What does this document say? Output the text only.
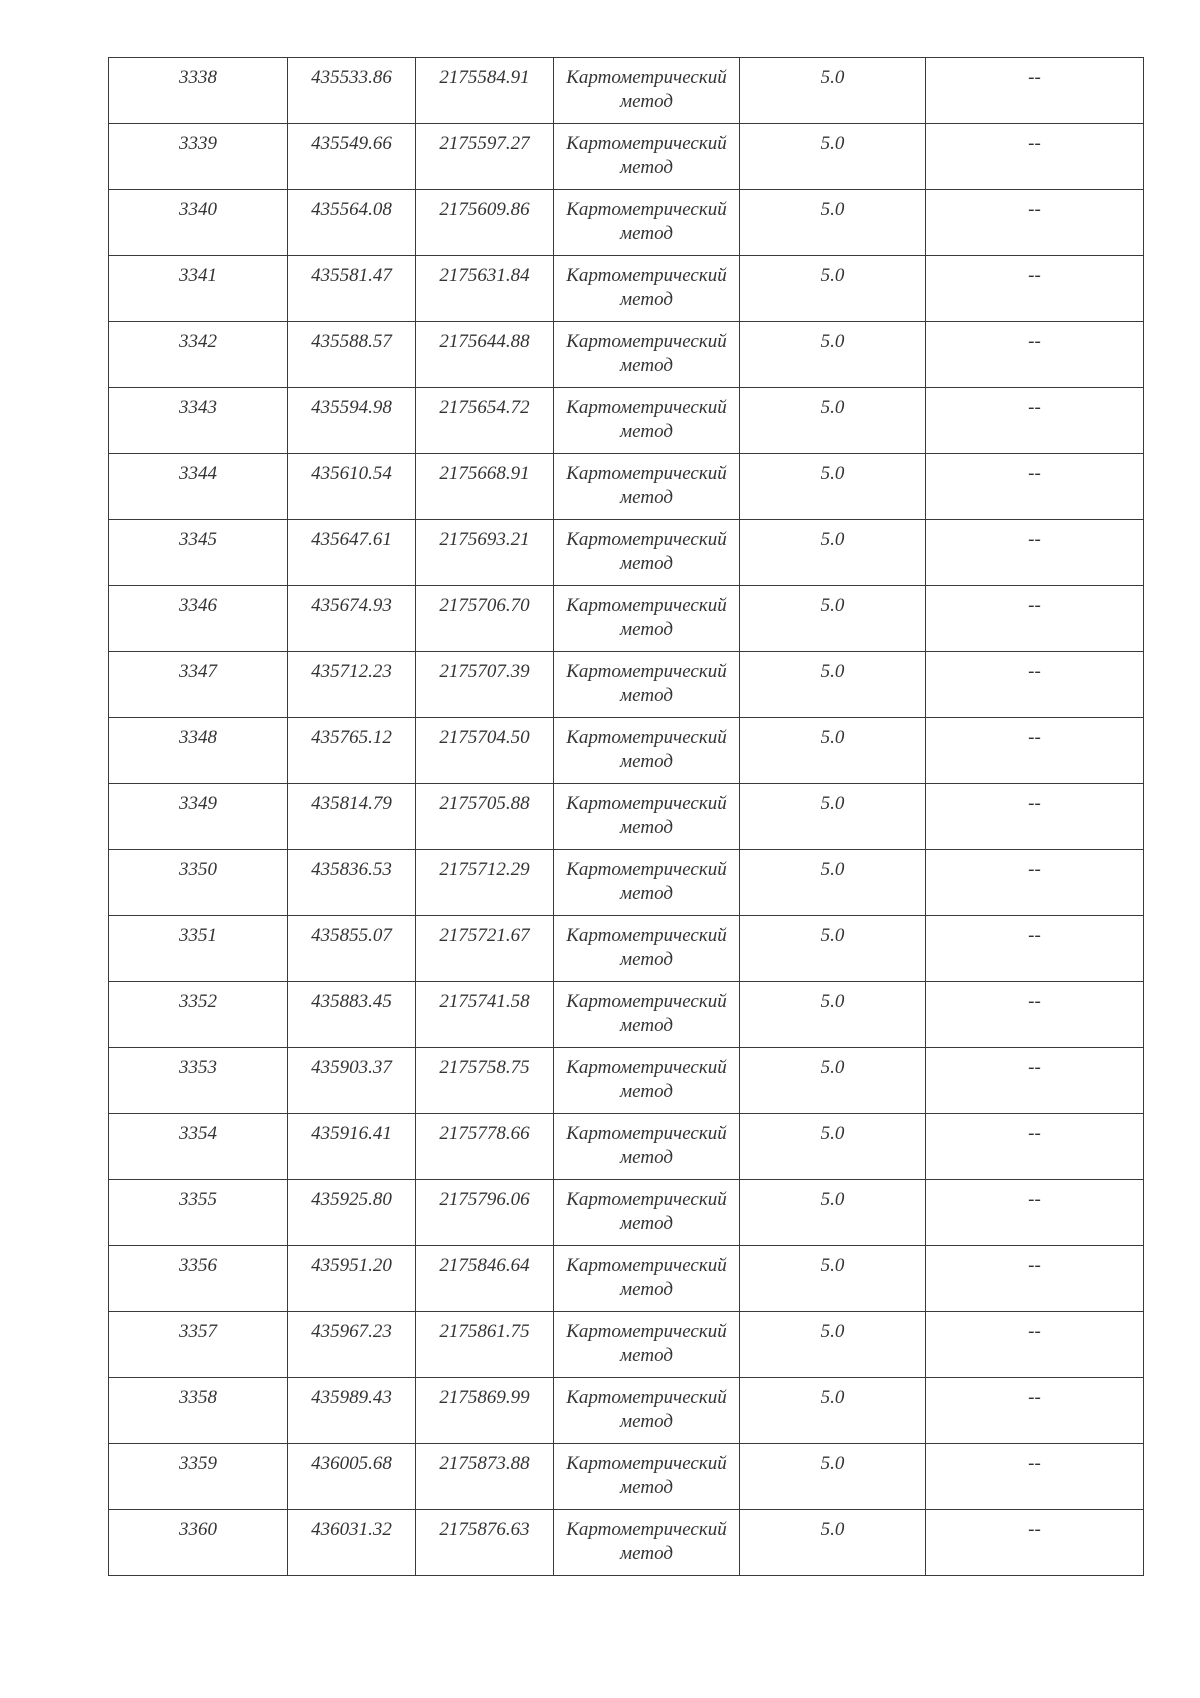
3338	435533.86	2175584.91	Картометрический метод	5.0	--
3339	435549.66	2175597.27	Картометрический метод	5.0	--
3340	435564.08	2175609.86	Картометрический метод	5.0	--
3341	435581.47	2175631.84	Картометрический метод	5.0	--
3342	435588.57	2175644.88	Картометрический метод	5.0	--
3343	435594.98	2175654.72	Картометрический метод	5.0	--
3344	435610.54	2175668.91	Картометрический метод	5.0	--
3345	435647.61	2175693.21	Картометрический метод	5.0	--
3346	435674.93	2175706.70	Картометрический метод	5.0	--
3347	435712.23	2175707.39	Картометрический метод	5.0	--
3348	435765.12	2175704.50	Картометрический метод	5.0	--
3349	435814.79	2175705.88	Картометрический метод	5.0	--
3350	435836.53	2175712.29	Картометрический метод	5.0	--
3351	435855.07	2175721.67	Картометрический метод	5.0	--
3352	435883.45	2175741.58	Картометрический метод	5.0	--
3353	435903.37	2175758.75	Картометрический метод	5.0	--
3354	435916.41	2175778.66	Картометрический метод	5.0	--
3355	435925.80	2175796.06	Картометрический метод	5.0	--
3356	435951.20	2175846.64	Картометрический метод	5.0	--
3357	435967.23	2175861.75	Картометрический метод	5.0	--
3358	435989.43	2175869.99	Картометрический метод	5.0	--
3359	436005.68	2175873.88	Картометрический метод	5.0	--
3360	436031.32	2175876.63	Картометрический метод	5.0	--
